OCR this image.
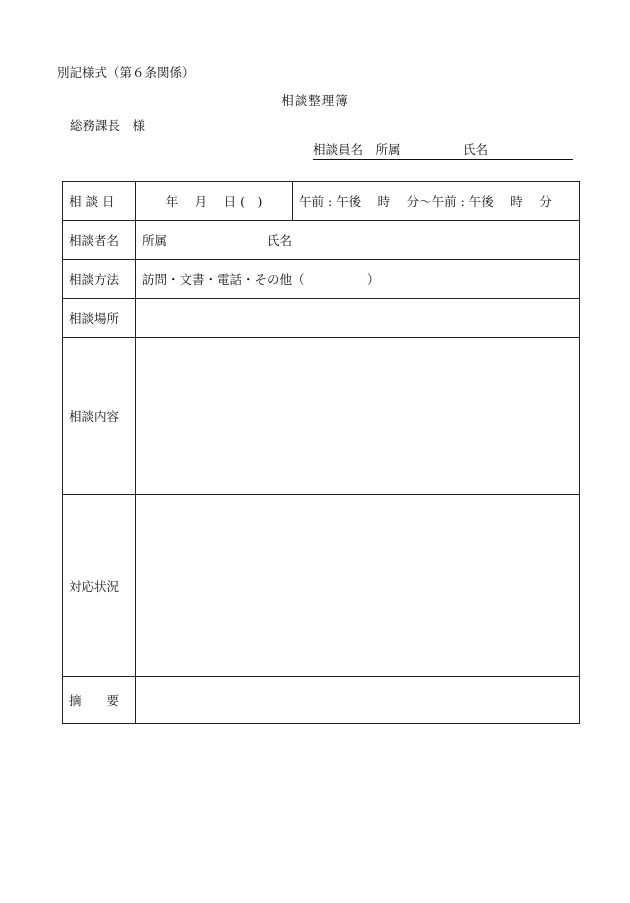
別記様式（第６条関係）
相談整理簿
総務課長　様
相談員名　所属　　　　　氏名
相 談 日	年　 月 　日 (　)	午前 : 午後 　時 　分〜午前 : 午後 　時 　分
相談者名	所属　　　　　　　　氏名	
相談方法	訪問・文書・電話・その他（　　　　　）	
相談場所		
相談内容		
対応状況		
摘　　要		
